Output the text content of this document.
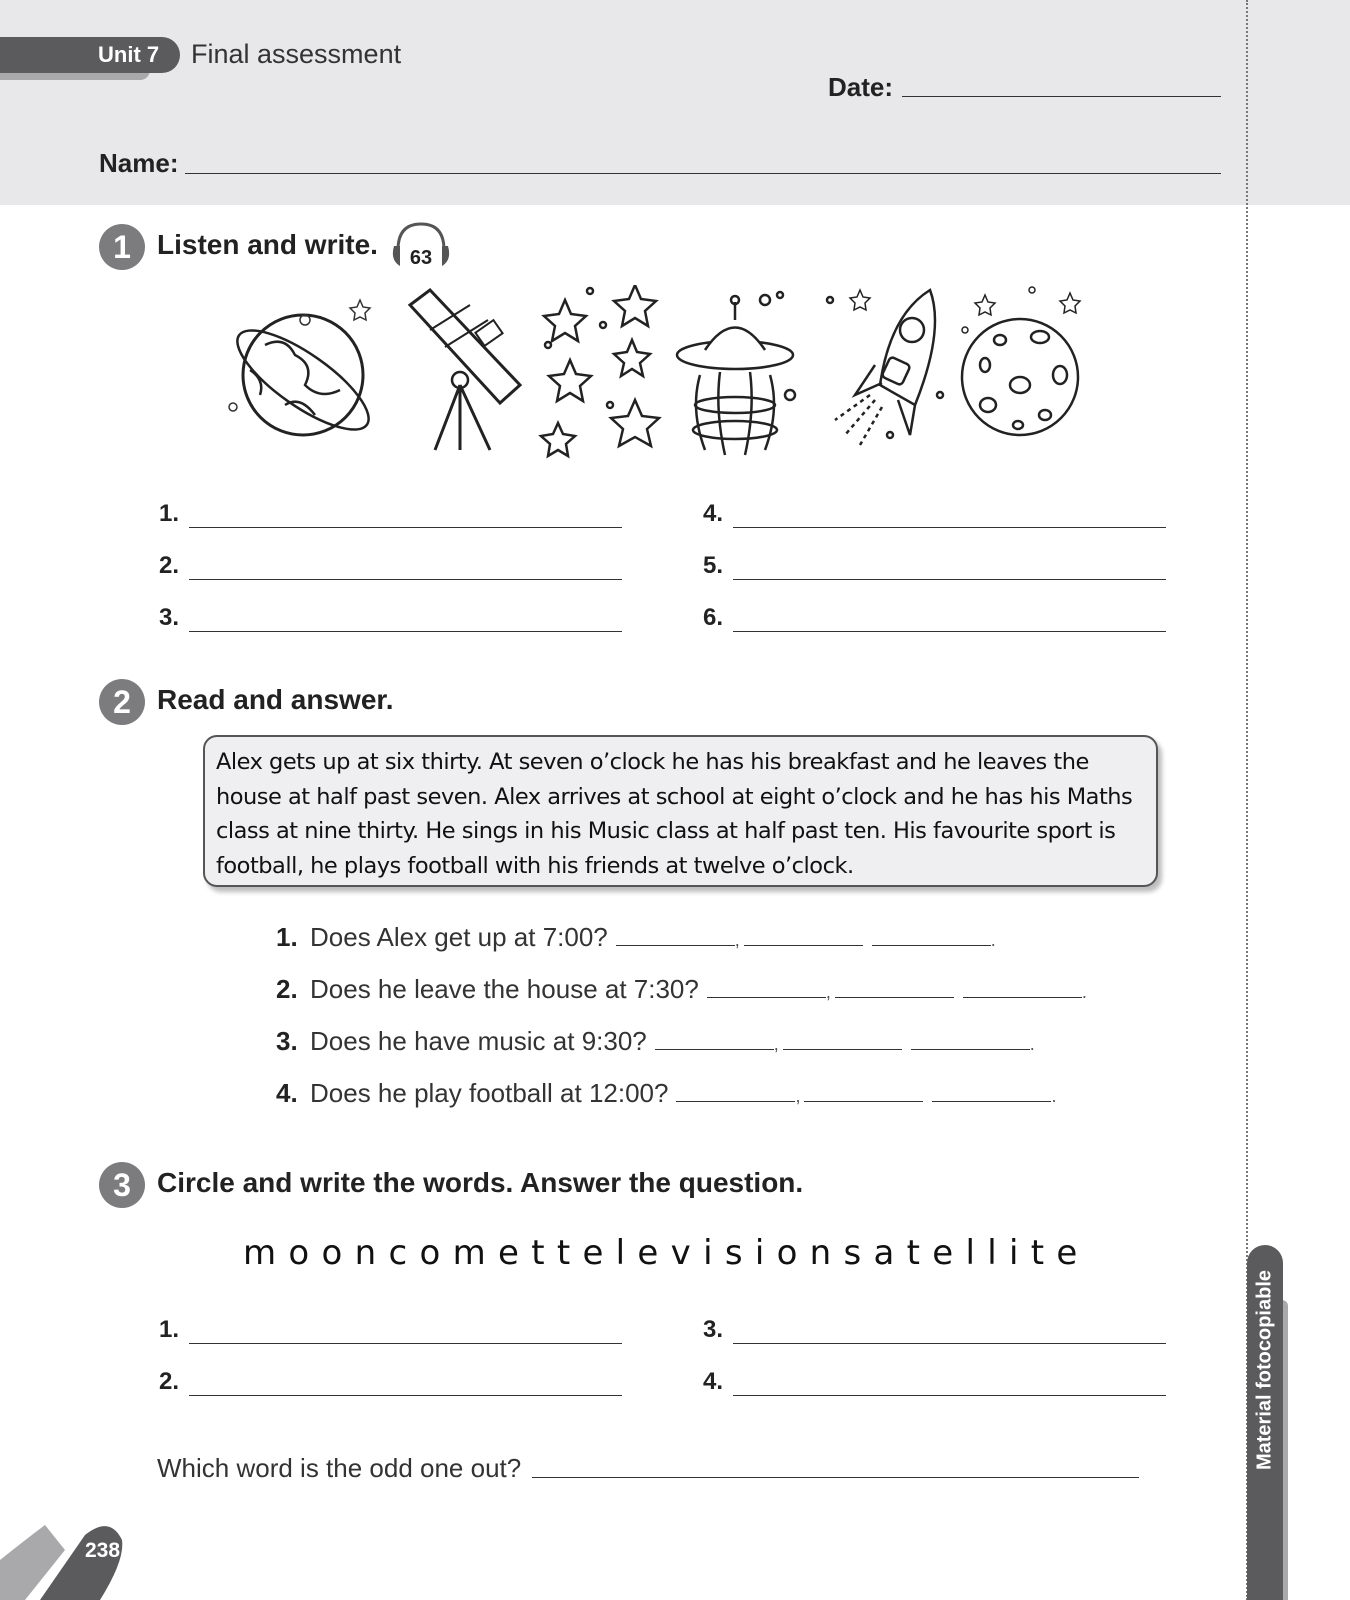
Unit 7 Final assessment
Date:
Name:
1 Listen and write. 63
1.
2.
3.
4.
5.
6.
2 Read and answer.
Alex gets up at six thirty. At seven o’clock he has his breakfast and he leaves the house at half past seven. Alex arrives at school at eight o’clock and he has his Maths class at nine thirty. He sings in his Music class at half past ten. His favourite sport is football, he plays football with his friends at twelve o’clock.
1. Does Alex get up at 7:00?	,	.
2. Does he leave the house at 7:30?	,	.
3. Does he have music at 9:30?	,	.
4. Does he play football at 12:00?	,	.
3 Circle and write the words. Answer the question.
mooncomettelevisionsatellite
1.
2.
3.
4.
Which word is the odd one out?	Material fotocopiable
238
